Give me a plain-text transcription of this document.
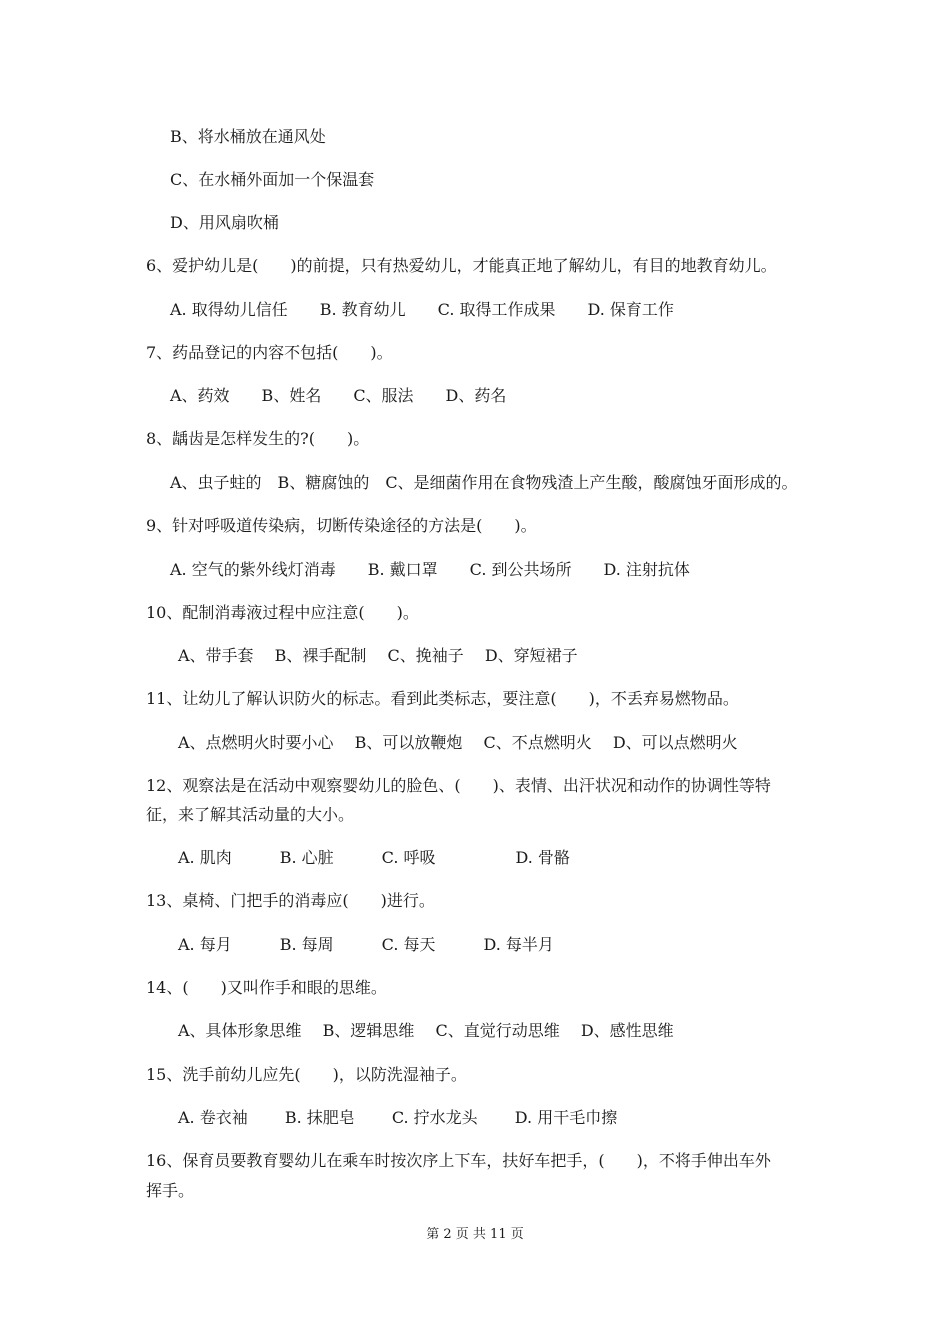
B、将水桶放在通风处
C、在水桶外面加一个保温套
D、用风扇吹桶
6、爱护幼儿是(　　)的前提，只有热爱幼儿，才能真正地了解幼儿，有目的地教育幼儿。
A. 取得幼儿信任　　B. 教育幼儿　　C. 取得工作成果　　D. 保育工作
7、药品登记的内容不包括(　　)。
A、药效　　B、姓名　　C、服法　　D、药名
8、龋齿是怎样发生的?(　　)。
A、虫子蛀的　B、糖腐蚀的　C、是细菌作用在食物残渣上产生酸，酸腐蚀牙面形成的。
9、针对呼吸道传染病，切断传染途径的方法是(　　)。
A. 空气的紫外线灯消毒　　B. 戴口罩　　C. 到公共场所　　D. 注射抗体
10、配制消毒液过程中应注意(　　)。
A、带手套　 B、裸手配制　 C、挽袖子　 D、穿短裙子
11、让幼儿了解认识防火的标志。看到此类标志，要注意(　　)，不丢弃易燃物品。
A、点燃明火时要小心　 B、可以放鞭炮　 C、不点燃明火　 D、可以点燃明火
12、观察法是在活动中观察婴幼儿的脸色、(　　)、表情、出汗状况和动作的协调性等特
征，来了解其活动量的大小。
A. 肌肉　　　B. 心脏　　　C. 呼吸　　　　　D. 骨骼
13、桌椅、门把手的消毒应(　　)进行。
A. 每月　　　B. 每周　　　C. 每天　　　D. 每半月
14、(　　)又叫作手和眼的思维。
A、具体形象思维　 B、逻辑思维　 C、直觉行动思维　 D、感性思维
15、洗手前幼儿应先(　　)，以防洗湿袖子。
A. 卷衣袖　　 B. 抹肥皂　　 C. 拧水龙头　　 D. 用干毛巾擦
16、保育员要教育婴幼儿在乘车时按次序上下车，扶好车把手，(　　)，不将手伸出车外
挥手。
第 2 页 共 11 页
